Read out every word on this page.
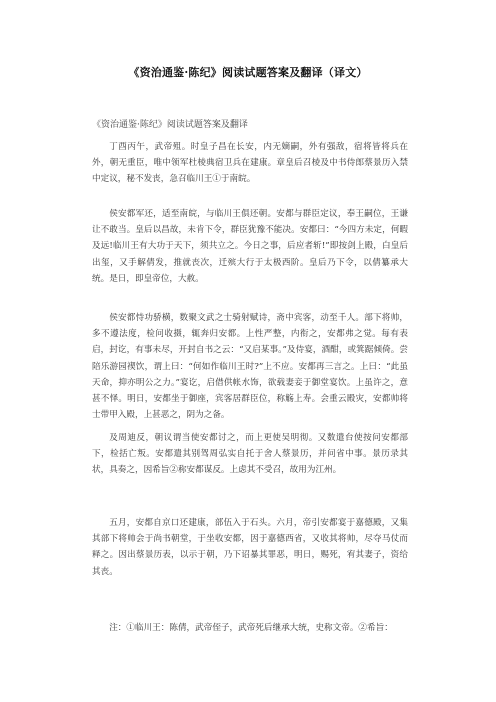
《资治通鉴·陈纪》阅读试题答案及翻译（译文）
《资治通鉴·陈纪》阅读试题答案及翻译

丁酉丙午，武帝殂。时皇子昌在长安，内无嫡嗣，外有强敌，宿将皆将兵在外，朝无重臣，唯中领军杜棱典宿卫兵在建康。章皇后召棱及中书侍郎蔡景历入禁中定议，秘不发丧，急召临川王①于南皖。

侯安都军还，适至南皖，与临川王俱还朝。安都与群臣定议，奉王嗣位，王谦让不敢当。皇后以昌故，未肯下令，群臣犹豫不能决。安都曰：“今四方未定，何暇及远!临川王有大功于天下，须共立之。今日之事，后应者斩!”即按剑上殿，白皇后出玺，又手解倩发，推就丧次，迁殡大行于太极西阶。皇后乃下令，以倩纂承大统。是日，即皇帝位，大赦。

侯安都恃功骄横，数聚文武之士骑射赋诗，斋中宾客，动至千人。部下将帅，多不遵法度，检问收摄，辄奔归安都。上性严整，内衔之，安都弗之觉。每有表启，封讫，有事未尽，开封自书之云：“又启某事。”及侍宴，酒酣，或箕踞倾倚。尝陪乐游园禊饮，谓上曰：“何如作临川王时?”上不应。安都再三言之。上曰：“此虽天命，抑亦明公之力。”宴讫，启借供帐水饰，欲载妻妾于御堂宴饮。上虽许之，意甚不怿。明日，安都坐于御座，宾客居群臣位，称觞上寿。会重云殿灾，安都帅将士带甲入殿，上甚恶之，阴为之备。

及周迪反，朝议谓当使安都讨之，而上更使吴明彻。又数遣台使按问安都部下，检括亡叛。安都遣其别驾周弘实自托于舍人蔡景历，并问省中事。景历录其状，具奏之，因希旨②称安都谋反。上虑其不受召，故用为江州。

五月，安都自京口还建康，部伍入于石头。六月，帝引安都宴于嘉德殿，又集其部下将帅会于尚书朝堂，于坐收安都，因于嘉德西省，又收其将帅，尽夺马仗而释之。因出蔡景历表，以示于朝，乃下诏暴其罪恶，明日，赐死，宥其妻子，资给其丧。

注：①临川王：陈倩，武帝侄子，武帝死后继承大统，史称文帝。②希旨：
